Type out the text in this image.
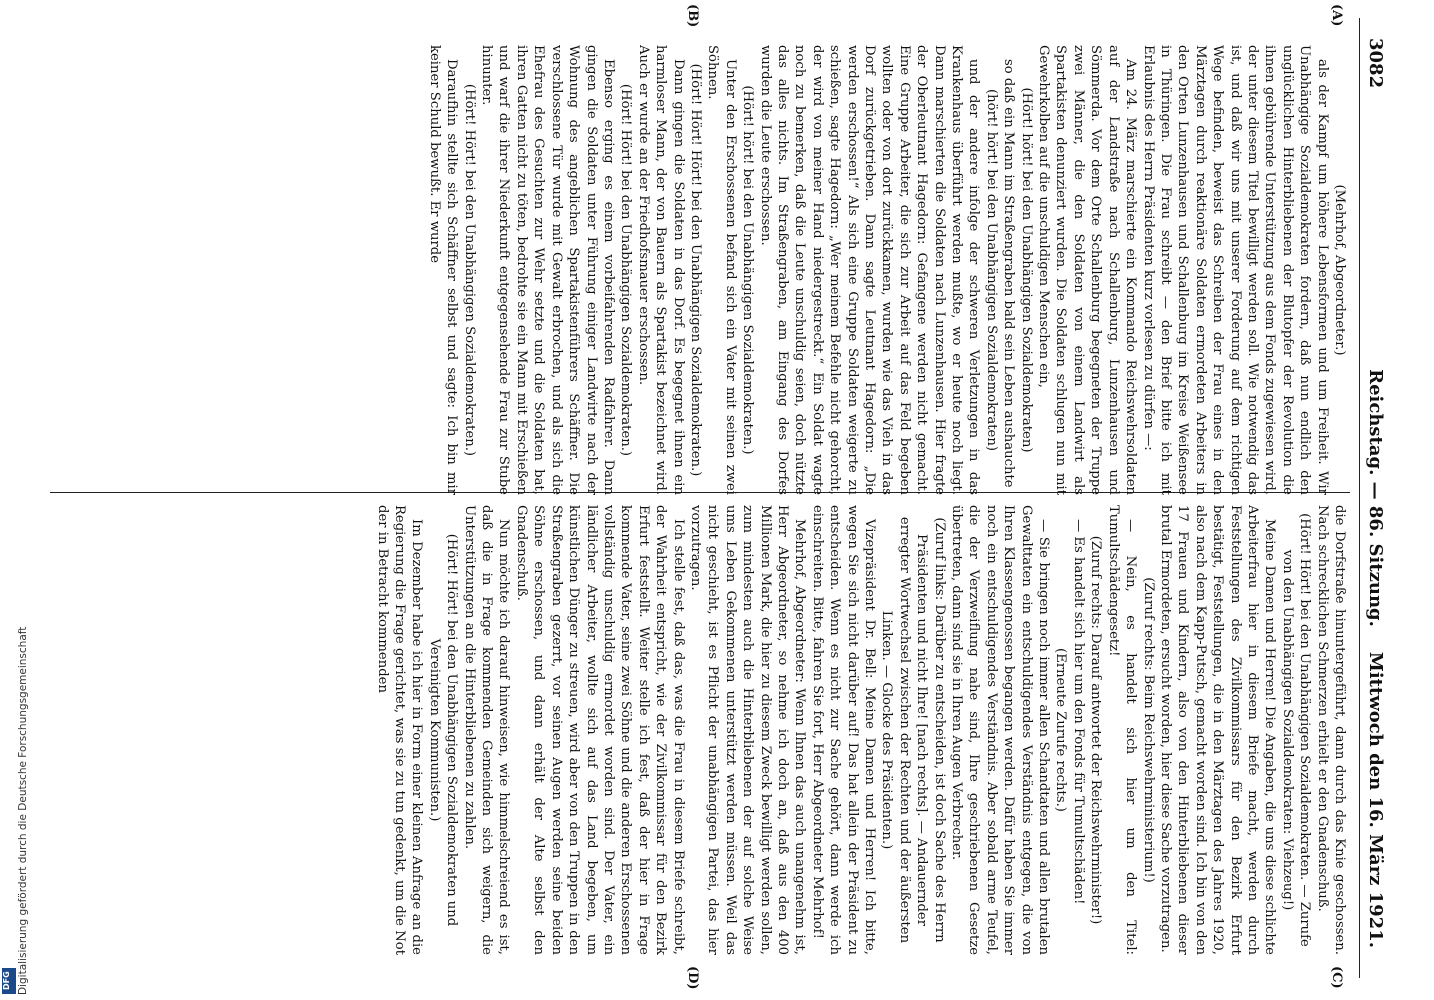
3082
Reichstag. — 86. Sitzung.
Mittwoch den 16. März 1921.
(A)
(B)
(C)
(D)

(Mehrhof, Abgeordneter.)

als der Kampf um höhere Lebensformen und um Freiheit. Wir Unabhängige Sozialdemokraten fordern, daß nun endlich den unglücklichen Hinterbliebenen der Blutopfer der Revolution die ihnen gebührende Unterstützung aus dem Fonds zugewiesen wird, der unter diesem Titel bewilligt werden soll. Wie notwendig das ist, und daß wir uns mit unserer Forderung auf dem richtigen Wege befinden, beweist das Schreiben der Frau eines in den Märztagen durch reaktionäre Soldaten ermordeten Arbeiters in den Orten Lunzenhausen und Schallenburg im Kreise Weißensee in Thüringen. Die Frau schreibt — den Brief bitte ich mit Erlaubnis des Herrn Präsidenten kurz vorlesen zu dürfen —:

Am 24. März marschierte ein Kommando Reichswehrsoldaten auf der Landstraße nach Schallenburg, Lunzenhausen und Sömmerda. Vor dem Orte Schallenburg begegneten der Truppe zwei Männer, die den Soldaten von einem Landwirt als Spartakisten denunziert wurden. Die Soldaten schlugen nun mit Gewehrkolben auf die unschuldigen Menschen ein,

(Hört! hört! bei den Unabhängigen Sozialdemokraten)

so daß ein Mann im Straßengraben bald sein Leben aushauchte

(hört! hört! bei den Unabhängigen Sozialdemokraten)

und der andere infolge der schweren Verletzungen in das Krankenhaus überführt werden mußte, wo er heute noch liegt. Dann marschierten die Soldaten nach Lunzenhausen. Hier fragte der Oberleutnant Hagedorn: Gefangene werden nicht gemacht. Eine Gruppe Arbeiter, die sich zur Arbeit auf das Feld begeben wollten oder von dort zurückkamen, wurden wie das Vieh in das Dorf zurückgetrieben. Dann sagte Leutnant Hagedorn: „Die werden erschossen!“ Als sich eine Gruppe Soldaten weigerte zu schießen, sagte Hagedorn: „Wer meinem Befehle nicht gehorcht, der wird von meiner Hand niedergestreckt.“ Ein Soldat wagte noch zu bemerken, daß die Leute unschuldig seien, doch nützte das alles nichts. Im Straßengraben, am Eingang des Dorfes wurden die Leute erschossen.

(Hört! hört! bei den Unabhängigen Sozialdemokraten.)

Unter den Erschossenen befand sich ein Vater mit seinen zwei Söhnen.

(Hört! Hört! Hört! bei den Unabhängigen Sozialdemokraten.)

Dann gingen die Soldaten in das Dorf. Es begegnet ihnen ein harmloser Mann, der von Bauern als Spartakist bezeichnet wird. Auch er wurde an der Friedhofsmauer erschossen.

(Hört! Hört! bei den Unabhängigen Sozialdemokraten.)

Ebenso erging es einem vorbeifahrenden Radfahrer. Dann gingen die Soldaten unter Führung einiger Landwirte nach der Wohnung des angeblichen Spartakistenführers Schäffner. Die verschlossene Tür wurde mit Gewalt erbrochen, und als sich die Ehefrau des Gesuchten zur Wehr setzte und die Soldaten bat, ihren Gatten nicht zu töten, bedrohte sie ein Mann mit Erschießen und warf die ihrer Niederkunft entgegensehende Frau zur Stube hinunter.

(Hört! Hört! bei den Unabhängigen Sozialdemokraten.)

Daraufhin stellte sich Schäffner selbst und sagte: Ich bin mir keiner Schuld bewußt. Er wurde

die Dorfstraße hinuntergeführt, dann durch das Knie geschossen. Nach schrecklichen Schmerzen erhielt er den Gnadenschuß.

(Hört! Hört! bei den Unabhängigen Sozialdemokraten. — Zurufe von den Unabhängigen Sozialdemokraten: Viehzeug!)

Meine Damen und Herren! Die Angaben, die uns diese schlichte Arbeiterfrau hier in diesem Briefe macht, werden durch Feststellungen des Zivilkommissars für den Bezirk Erfurt bestätigt, Feststellungen, die in den Märztagen des Jahres 1920, also nach dem Kapp-Putsch, gemacht worden sind. Ich bin von den 17 Frauen und Kindern, also von den Hinterbliebenen dieser brutal Ermordeten, ersucht worden, hier diese Sache vorzutragen.

(Zuruf rechts: Beim Reichswehrministerium!)

— Nein, es handelt sich hier um den Titel: Tumultschädengesetz!

(Zuruf rechts: Darauf antwortet der Reichswehrminister!)

— Es handelt sich hier um den Fonds für Tumultschäden!

(Erneute Zurufe rechts.)

— Sie bringen noch immer allen Schandtaten und allen brutalen Gewalttaten ein entschuldigendes Verständnis entgegen, die von Ihren Klassengenossen begangen werden. Dafür haben Sie immer noch ein entschuldigendes Verständnis. Aber sobald arme Teufel, die der Verzweiflung nahe sind, Ihre geschriebenen Gesetze übertreten, dann sind sie in Ihren Augen Verbrecher.

(Zuruf links: Darüber zu entscheiden, ist doch Sache des Herrn Präsidenten und nicht Ihre! [nach rechts]. — Andauernder erregter Wortwechsel zwischen der Rechten und der äußersten Linken. — Glocke des Präsidenten.)

Vizepräsident Dr. Bell: Meine Damen und Herren! Ich bitte, wegen Sie sich nicht darüber auf! Das hat allein der Präsident zu entscheiden. Wenn es nicht zur Sache gehört, dann werde ich einschreiten. Bitte, fahren Sie fort, Herr Abgeordneter Mehrhof!

Mehrhof, Abgeordneter: Wenn Ihnen das auch unangenehm ist, Herr Abgeordneter, so nehme ich doch an, daß aus den 400 Millionen Mark, die hier zu diesem Zweck bewilligt werden sollen, zum mindesten auch die Hinterbliebenen der auf solche Weise ums Leben Gekommenen unterstützt werden müssen. Weil das nicht geschieht, ist es Pflicht der unabhängigen Partei, das hier vorzutragen.

Ich stelle fest, daß das, was die Frau in diesem Briefe schreibt, der Wahrheit entspricht, wie der Zivilkommissar für den Bezirk Erfurt feststellt. Weiter stelle ich fest, daß der hier in Frage kommende Vater, seine zwei Söhne und die anderen Erschossenen vollständig unschuldig ermordet worden sind. Der Vater, ein ländlicher Arbeiter, wollte sich auf das Land begeben, um künstlichen Dünger zu streuen, wird aber von den Truppen in den Straßengraben gezerrt, vor seinen Augen werden seine beiden Söhne erschossen, und dann erhält der Alte selbst den Gnadenschuß.

Nun möchte ich darauf hinweisen, wie himmelschreiend es ist, daß die in Frage kommenden Gemeinden sich weigern, die Unterstützungen an die Hinterbliebenen zu zahlen.

(Hört! Hört! bei den Unabhängigen Sozialdemokraten und Vereinigten Kommunisten.)

Im Dezember habe ich hier in Form einer kleinen Anfrage an die Regierung die Frage gerichtet, was sie zu tun gedenkt, um die Not der in Betracht kommenden

Digitalisierung gefördert durch die Deutsche Forschungsgemeinschaft
DFG
